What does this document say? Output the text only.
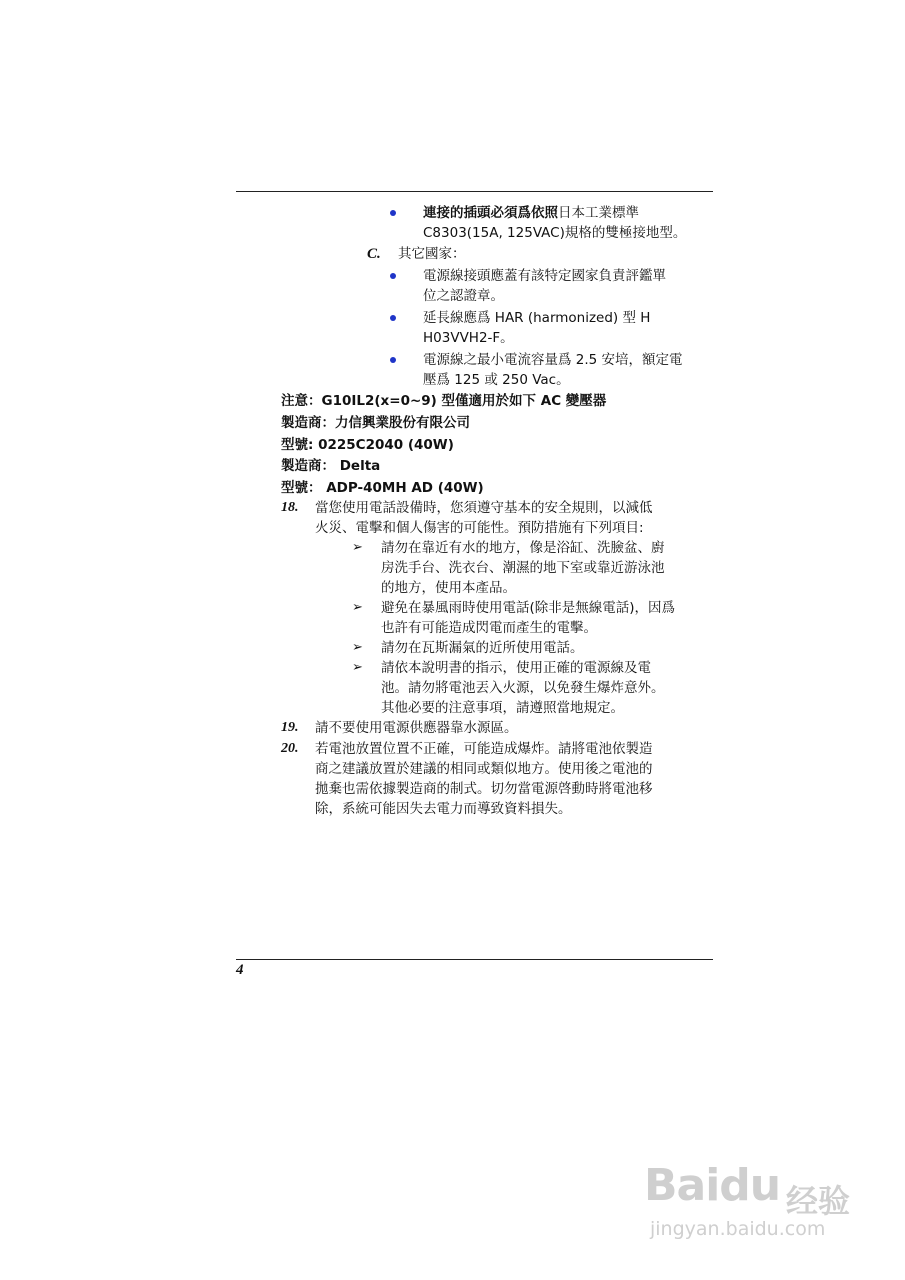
連接的插頭必須爲依照日本工業標準
C8303(15A, 125VAC)規格的雙極接地型。
C. 其它國家：
電源線接頭應蓋有該特定國家負責評鑑單
位之認證章。
延長線應爲 HAR (harmonized) 型 H
H03VVH2-F。
電源線之最小電流容量爲 2.5 安培，額定電
壓爲 125 或 250 Vac。
注意：G10IL2(x=0~9) 型僅適用於如下 AC 變壓器
製造商：力信興業股份有限公司
型號: 0225C2040 (40W)
製造商： Delta
型號： ADP-40MH AD (40W)
18. 當您使用電話設備時，您須遵守基本的安全規則，以減低
火災、電擊和個人傷害的可能性。預防措施有下列項目:
➢ 請勿在靠近有水的地方，像是浴缸、洗臉盆、廚
房洗手台、洗衣台、潮濕的地下室或靠近游泳池
的地方，使用本產品。
➢ 避免在暴風雨時使用電話(除非是無線電話)，因爲
也許有可能造成閃電而產生的電擊。
➢ 請勿在瓦斯漏氣的近所使用電話。
➢ 請依本說明書的指示，使用正確的電源線及電
池。請勿將電池丟入火源，以免發生爆炸意外。
其他必要的注意事項，請遵照當地規定。
19. 請不要使用電源供應器靠水源區。
20. 若電池放置位置不正確，可能造成爆炸。請將電池依製造
商之建議放置於建議的相同或類似地方。使用後之電池的
拋棄也需依據製造商的制式。切勿當電源啓動時將電池移
除，系統可能因失去電力而導致資料損失。
4
Baidu 经验
jingyan.baidu.com
